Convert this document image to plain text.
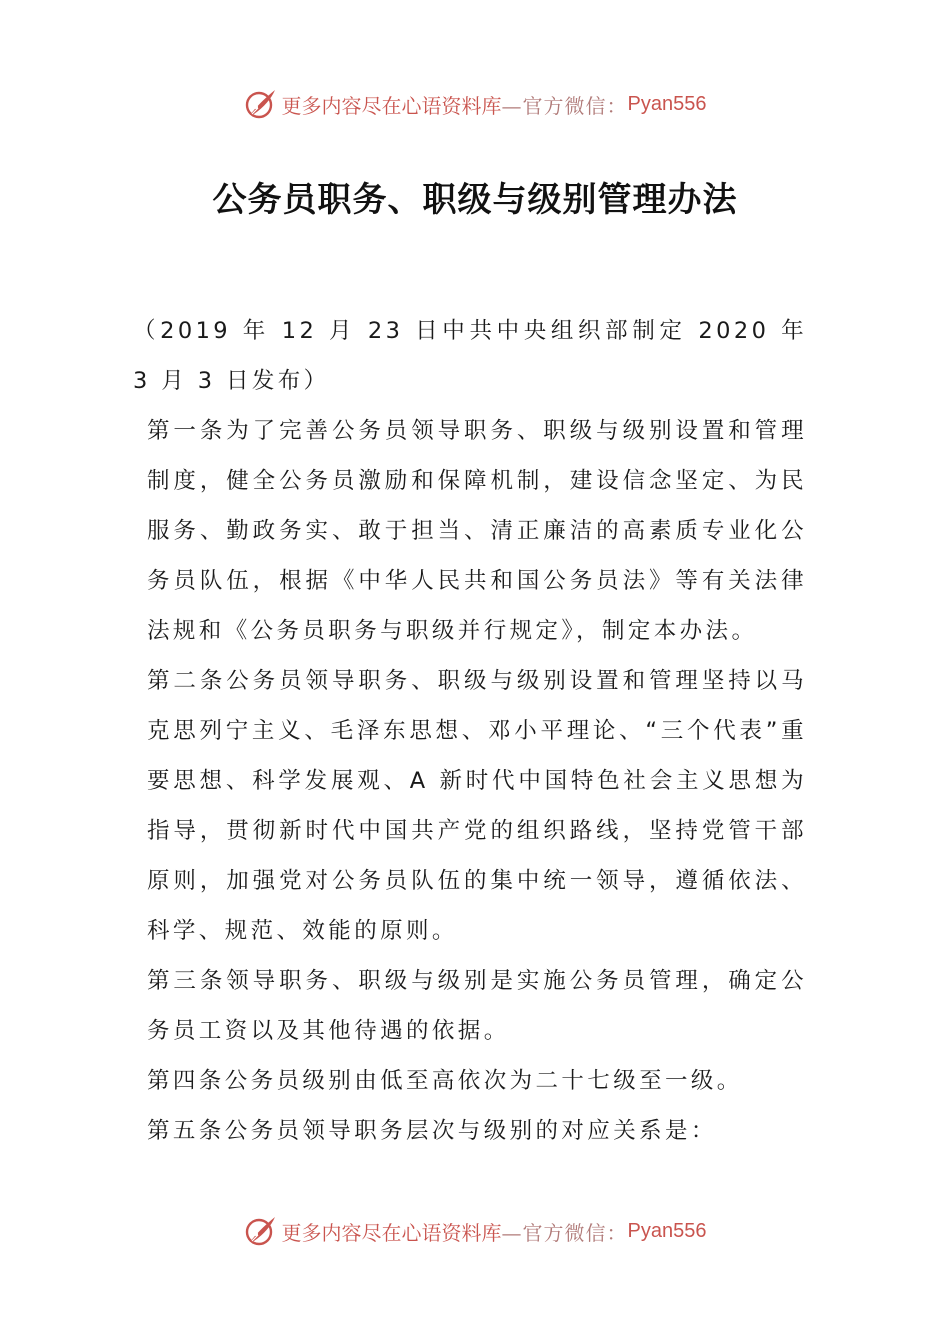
更多内容尽在心语资料库 —官方微信： Pyan556
公务员职务、职级与级别管理办法

（2019 年 12 月 23 日中共中央组织部制定 2020 年 3 月 3 日发布）

第一条为了完善公务员领导职务、职级与级别设置和管理制度，健全公务员激励和保障机制，建设信念坚定、为民服务、勤政务实、敢于担当、清正廉洁的高素质专业化公务员队伍，根据《中华人民共和国公务员法》等有关法律法规和《公务员职务与职级并行规定》，制定本办法。

第二条公务员领导职务、职级与级别设置和管理坚持以马克思列宁主义、毛泽东思想、邓小平理论、“三个代表”重要思想、科学发展观、A 新时代中国特色社会主义思想为指导，贯彻新时代中国共产党的组织路线，坚持党管干部原则，加强党对公务员队伍的集中统一领导，遵循依法、科学、规范、效能的原则。

第三条领导职务、职级与级别是实施公务员管理，确定公务员工资以及其他待遇的依据。

第四条公务员级别由低至高依次为二十七级至一级。

第五条公务员领导职务层次与级别的对应关系是：

更多内容尽在心语资料库 —官方微信： Pyan556
